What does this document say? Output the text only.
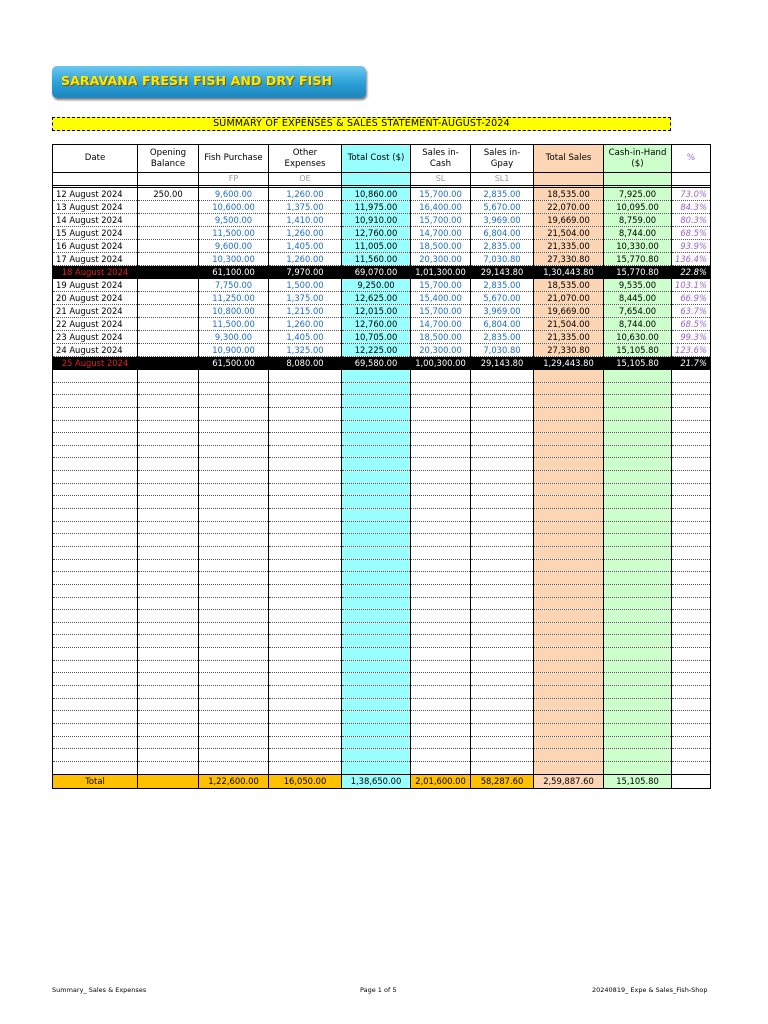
SARAVANA FRESH FISH AND DRY FISH
SUMMARY OF EXPENSES & SALES STATEMENT-AUGUST-2024
Date	Opening Balance	Fish Purchase	Other Expenses	Total Cost ($)	Sales in-Cash	Sales in-Gpay	Total Sales	Cash-in-Hand ($)	%
		FP	OE		SL	SL1			

12 August 2024	250.00	9,600.00	1,260.00	10,860.00	15,700.00	2,835.00	18,535.00	7,925.00	73.0%
13 August 2024		10,600.00	1,375.00	11,975.00	16,400.00	5,670.00	22,070.00	10,095.00	84.3%
14 August 2024		9,500.00	1,410.00	10,910.00	15,700.00	3,969.00	19,669.00	8,759.00	80.3%
15 August 2024		11,500.00	1,260.00	12,760.00	14,700.00	6,804.00	21,504.00	8,744.00	68.5%
16 August 2024		9,600.00	1,405.00	11,005.00	18,500.00	2,835.00	21,335.00	10,330.00	93.9%
17 August 2024		10,300.00	1,260.00	11,560.00	20,300.00	7,030.80	27,330.80	15,770.80	136.4%
18 August 2024		61,100.00	7,970.00	69,070.00	1,01,300.00	29,143.80	1,30,443.80	15,770.80	22.8%
19 August 2024		7,750.00	1,500.00	9,250.00	15,700.00	2,835.00	18,535.00	9,535.00	103.1%
20 August 2024		11,250.00	1,375.00	12,625.00	15,400.00	5,670.00	21,070.00	8,445.00	66.9%
21 August 2024		10,800.00	1,215.00	12,015.00	15,700.00	3,969.00	19,669.00	7,654.00	63.7%
22 August 2024		11,500.00	1,260.00	12,760.00	14,700.00	6,804.00	21,504.00	8,744.00	68.5%
23 August 2024		9,300.00	1,405.00	10,705.00	18,500.00	2,835.00	21,335.00	10,630.00	99.3%
24 August 2024		10,900.00	1,325.00	12,225.00	20,300.00	7,030.80	27,330.80	15,105.80	123.6%
25 August 2024		61,500.00	8,080.00	69,580.00	1,00,300.00	29,143.80	1,29,443.80	15,105.80	21.7%

Total		1,22,600.00	16,050.00	1,38,650.00	2,01,600.00	58,287.60	2,59,887.60	15,105.80	
Summary_ Sales & Expenses	Page 1 of 5	20240819_ Expe & Sales_Fish-Shop
